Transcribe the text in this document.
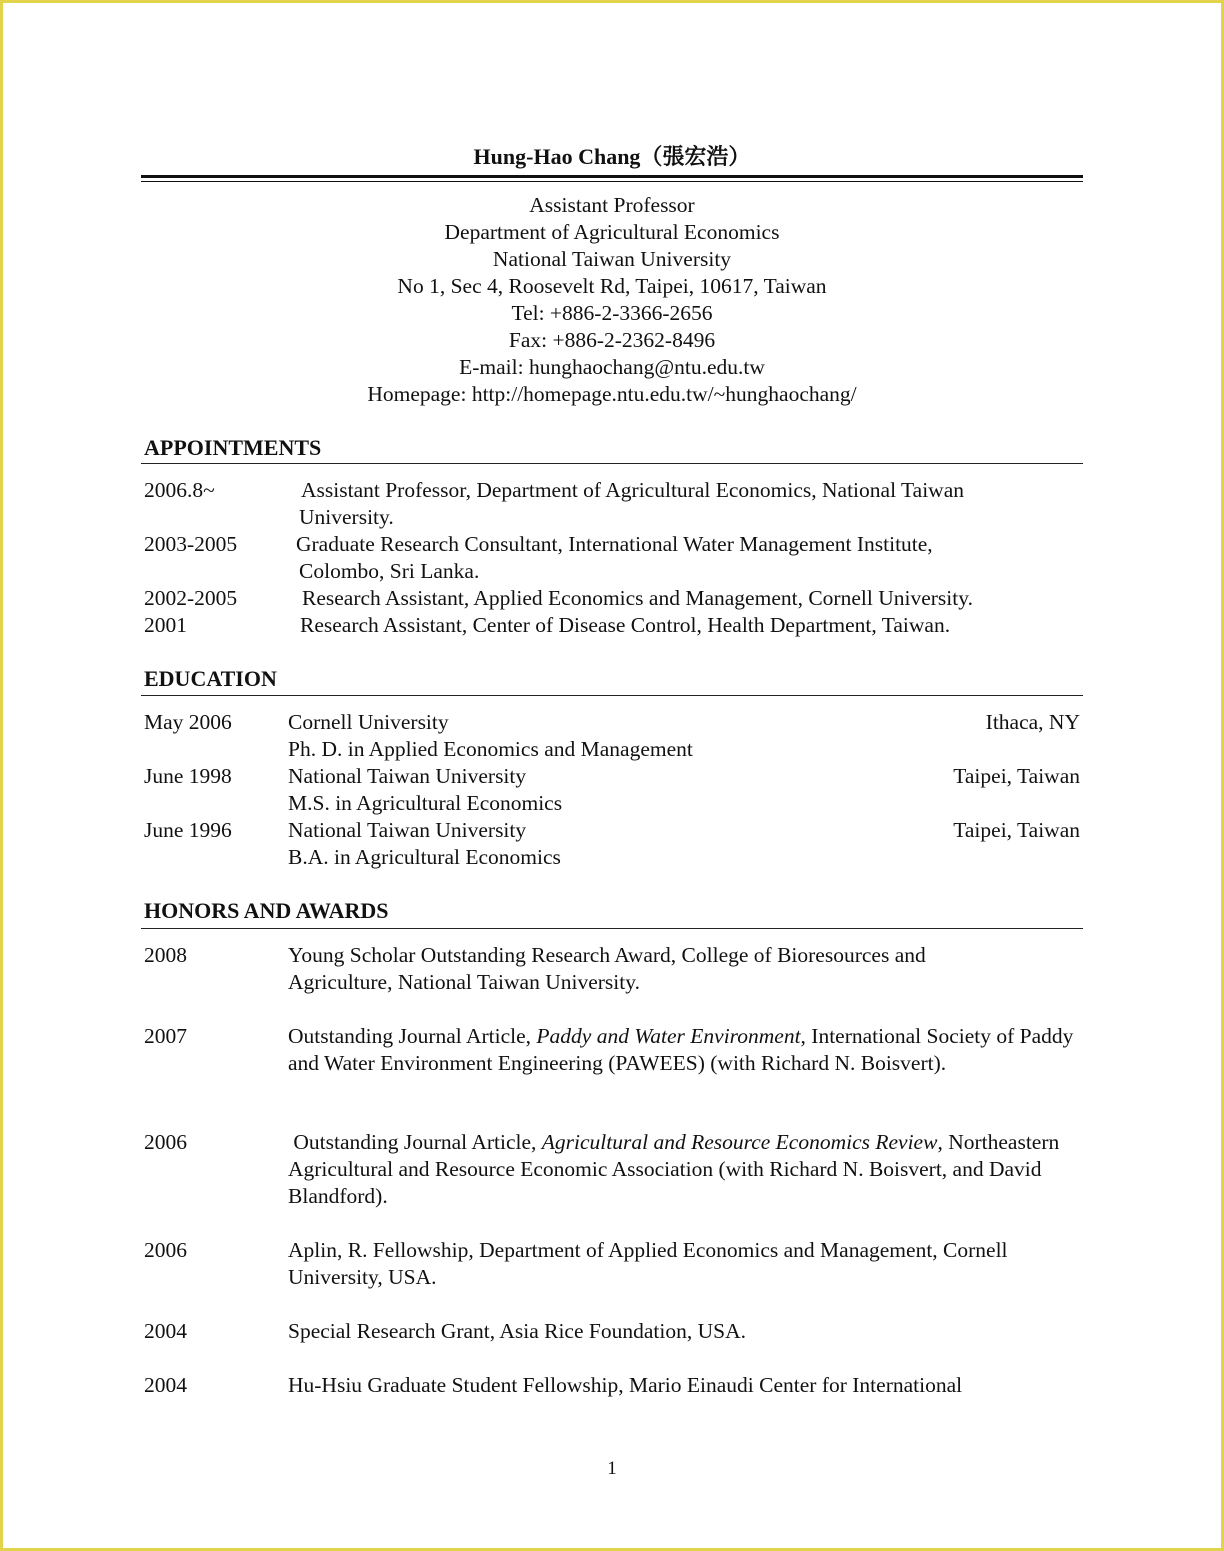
Hung-Hao Chang（張宏浩）
Assistant Professor
Department of Agricultural Economics
National Taiwan University
No 1, Sec 4, Roosevelt Rd, Taipei, 10617, Taiwan
Tel: +886-2-3366-2656
Fax: +886-2-2362-8496
E-mail: hunghaochang@ntu.edu.tw
Homepage: http://homepage.ntu.edu.tw/~hunghaochang/
APPOINTMENTS
2006.8~	Assistant Professor, Department of Agricultural Economics, National Taiwan
University.
2003-2005	Graduate Research Consultant, International Water Management Institute,
Colombo, Sri Lanka.
2002-2005	Research Assistant, Applied Economics and Management, Cornell University.
2001	Research Assistant, Center of Disease Control, Health Department, Taiwan.
EDUCATION
May 2006	Cornell University	Ithaca, NY
Ph. D. in Applied Economics and Management
June 1998	National Taiwan University	Taipei, Taiwan
M.S. in Agricultural Economics
June 1996	National Taiwan University	Taipei, Taiwan
B.A. in Agricultural Economics
HONORS AND AWARDS
2008	Young Scholar Outstanding Research Award, College of Bioresources and Agriculture, National Taiwan University.
2007	Outstanding Journal Article, Paddy and Water Environment, International Society of Paddy and Water Environment Engineering (PAWEES) (with Richard N. Boisvert).
2006	Outstanding Journal Article, Agricultural and Resource Economics Review, Northeastern Agricultural and Resource Economic Association (with Richard N. Boisvert, and David Blandford).
2006	Aplin, R. Fellowship, Department of Applied Economics and Management, Cornell University, USA.
2004	Special Research Grant, Asia Rice Foundation, USA.
2004	Hu-Hsiu Graduate Student Fellowship, Mario Einaudi Center for International
1
